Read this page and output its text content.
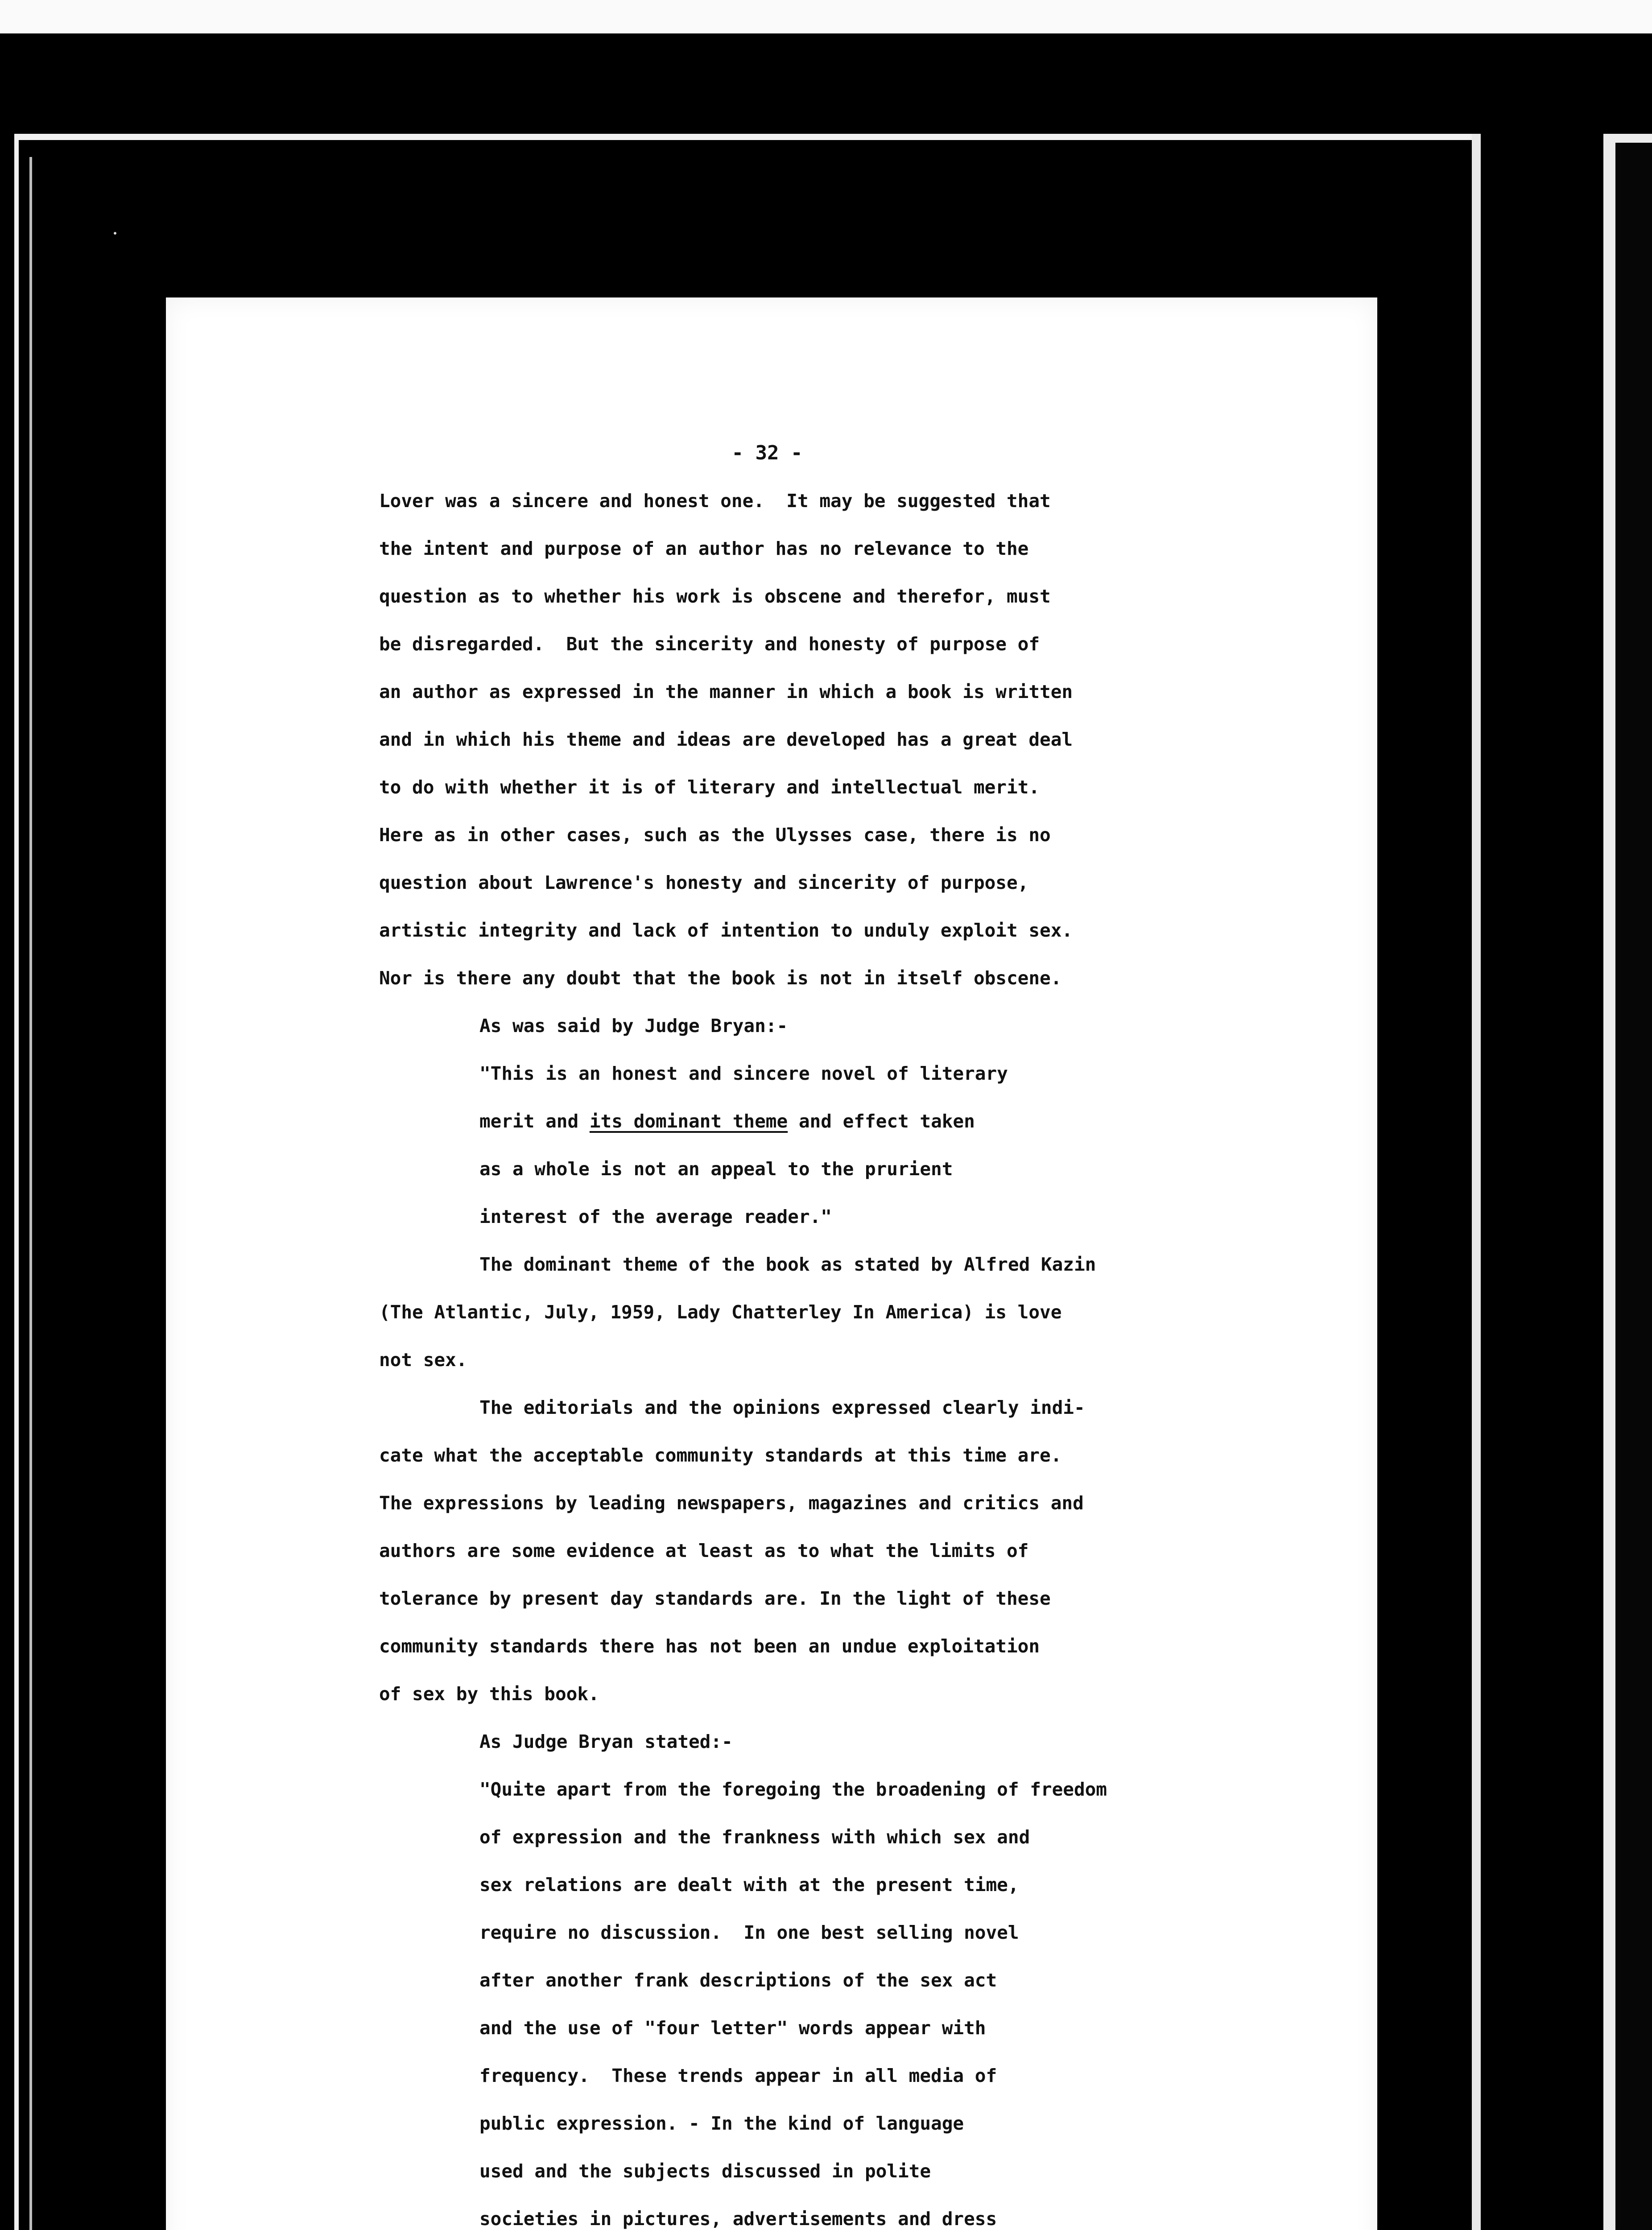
- 32 -
Lover was a sincere and honest one.  It may be suggested that
the intent and purpose of an author has no relevance to the
question as to whether his work is obscene and therefor, must
be disregarded.  But the sincerity and honesty of purpose of
an author as expressed in the manner in which a book is written
and in which his theme and ideas are developed has a great deal
to do with whether it is of literary and intellectual merit.
Here as in other cases, such as the Ulysses case, there is no
question about Lawrence's honesty and sincerity of purpose,
artistic integrity and lack of intention to unduly exploit sex.
Nor is there any doubt that the book is not in itself obscene.
As was said by Judge Bryan:-
"This is an honest and sincere novel of literary
merit and its dominant theme and effect taken
as a whole is not an appeal to the prurient
interest of the average reader."
The dominant theme of the book as stated by Alfred Kazin
(The Atlantic, July, 1959, Lady Chatterley In America) is love
not sex.
The editorials and the opinions expressed clearly indi-
cate what the acceptable community standards at this time are.
The expressions by leading newspapers, magazines and critics and
authors are some evidence at least as to what the limits of
tolerance by present day standards are. In the light of these
community standards there has not been an undue exploitation
of sex by this book.
As Judge Bryan stated:-
"Quite apart from the foregoing the broadening of freedom
of expression and the frankness with which sex and
sex relations are dealt with at the present time,
require no discussion.  In one best selling novel
after another frank descriptions of the sex act
and the use of "four letter" words appear with
frequency.  These trends appear in all media of
public expression. - In the kind of language
used and the subjects discussed in polite
societies in pictures, advertisements and dress
